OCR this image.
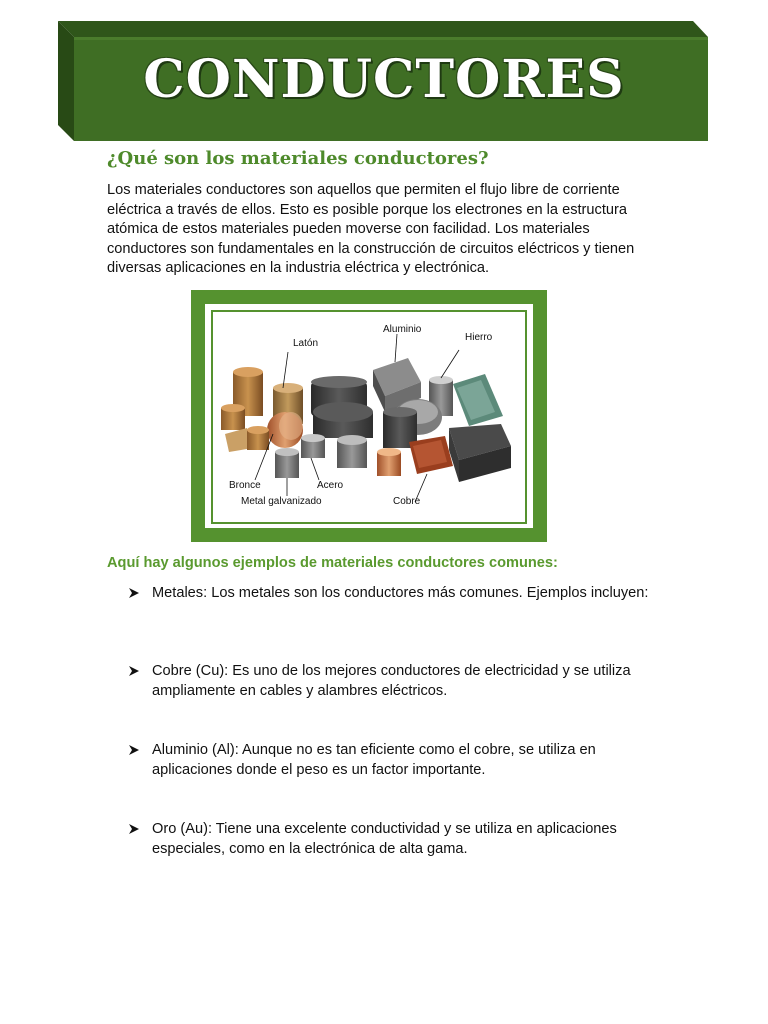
CONDUCTORES
¿Qué son los materiales conductores?
Los materiales conductores son aquellos que permiten el flujo libre de corriente eléctrica a través de ellos. Esto es posible porque los electrones en la estructura atómica de estos materiales pueden moverse con facilidad. Los materiales conductores son fundamentales en la construcción de circuitos eléctricos y tienen diversas aplicaciones en la industria eléctrica y electrónica.
Latón
Aluminio
Hierro
Bronce	Acero
Cobre
Metal galvanizado
Aquí hay algunos ejemplos de materiales conductores comunes:
Metales: Los metales son los conductores más comunes. Ejemplos incluyen:
Cobre (Cu): Es uno de los mejores conductores de electricidad y se utiliza ampliamente en cables y alambres eléctricos.
Aluminio (Al): Aunque no es tan eficiente como el cobre, se utiliza en aplicaciones donde el peso es un factor importante.
Oro (Au): Tiene una excelente conductividad y se utiliza en aplicaciones especiales, como en la electrónica de alta gama.
